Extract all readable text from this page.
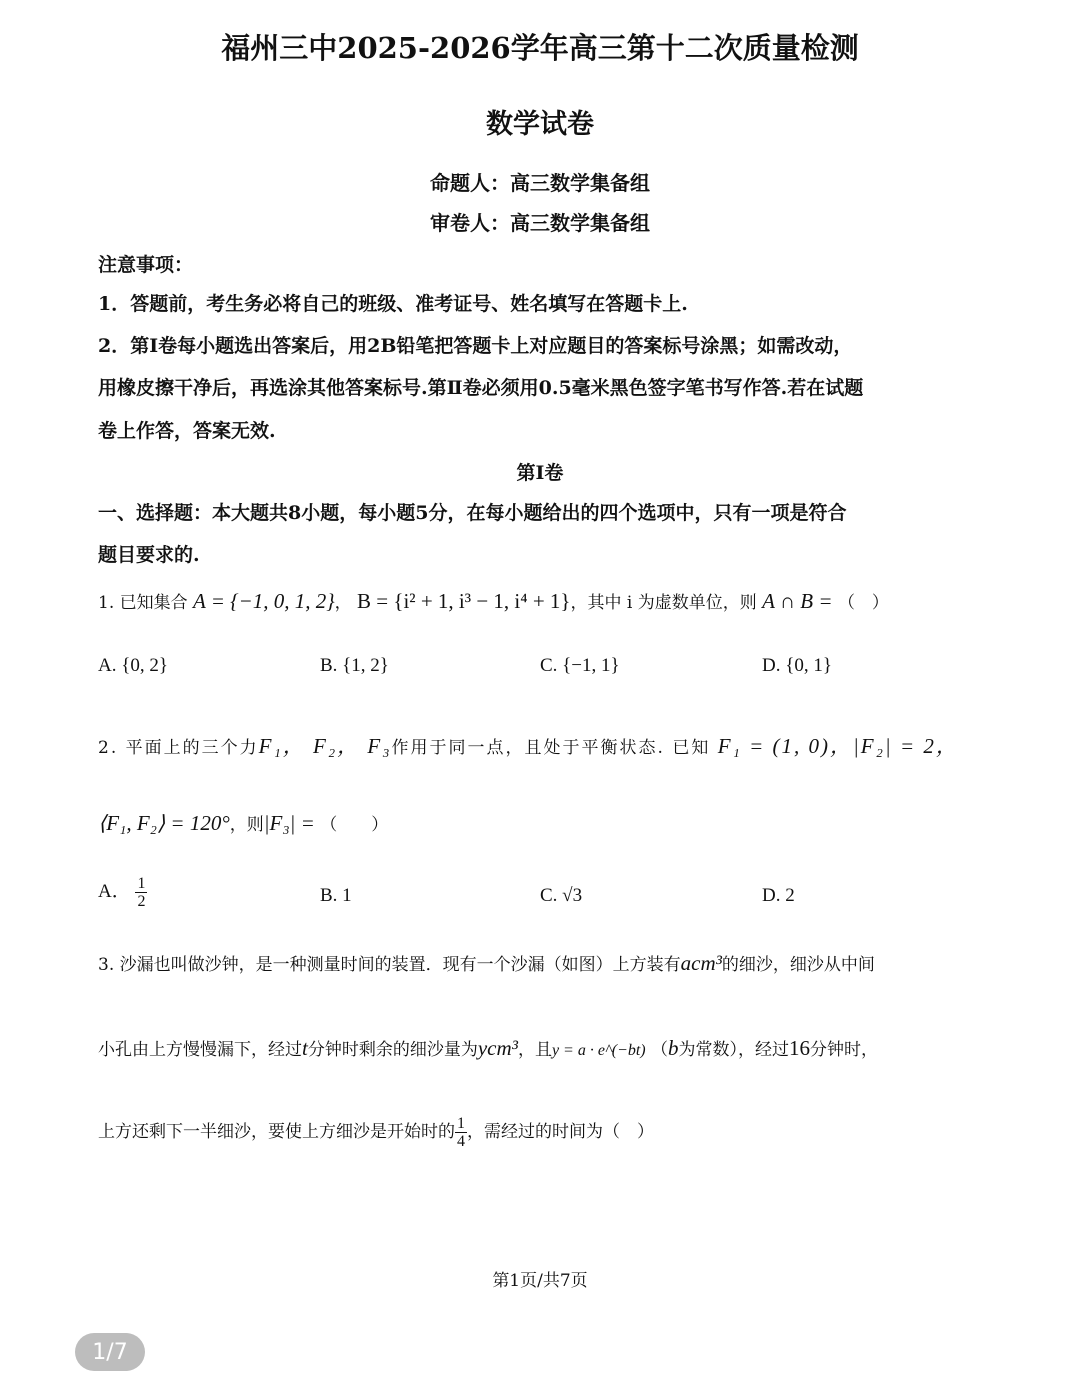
福州三中2025-2026学年高三第十二次质量检测
数学试卷
命题人：高三数学集备组
审卷人：高三数学集备组
注意事项：
1．答题前，考生务必将自己的班级、准考证号、姓名填写在答题卡上.
2．第Ⅰ卷每小题选出答案后，用2B铅笔把答题卡上对应题目的答案标号涂黑；如需改动，
用橡皮擦干净后，再选涂其他答案标号.第Ⅱ卷必须用0.5毫米黑色签字笔书写作答.若在试题
卷上作答，答案无效.
第Ⅰ卷
一、选择题：本大题共8小题，每小题5分，在每小题给出的四个选项中，只有一项是符合
题目要求的.
1. 已知集合 A = {−1, 0, 1, 2}， B = {i² + 1, i³ − 1, i⁴ + 1}，其中 i 为虚数单位，则 A ∩ B = （　）
A. {0, 2}	B. {1, 2}	C. {−1, 1}	D. {0, 1}
2. 平面上的三个力F₁， F₂， F₃作用于同一点，且处于平衡状态. 已知 F₁ = (1, 0)，|F₂| = 2，
⟨F₁, F₂⟩ = 120°，则|F₃| = （　　）
A． $\frac{1}{2}$	B. 1	C. √3	D. 2
3. 沙漏也叫做沙钟，是一种测量时间的装置．现有一个沙漏（如图）上方装有acm³的细沙，细沙从中间
小孔由上方慢慢漏下，经过t分钟时剩余的细沙量为ycm³，且y = a · e^(−bt) （b为常数），经过16分钟时，
上方还剩下一半细沙，要使上方细沙是开始时的 $\frac{1}{4}$ ，需经过的时间为（　）
第1页/共7页
1/7
